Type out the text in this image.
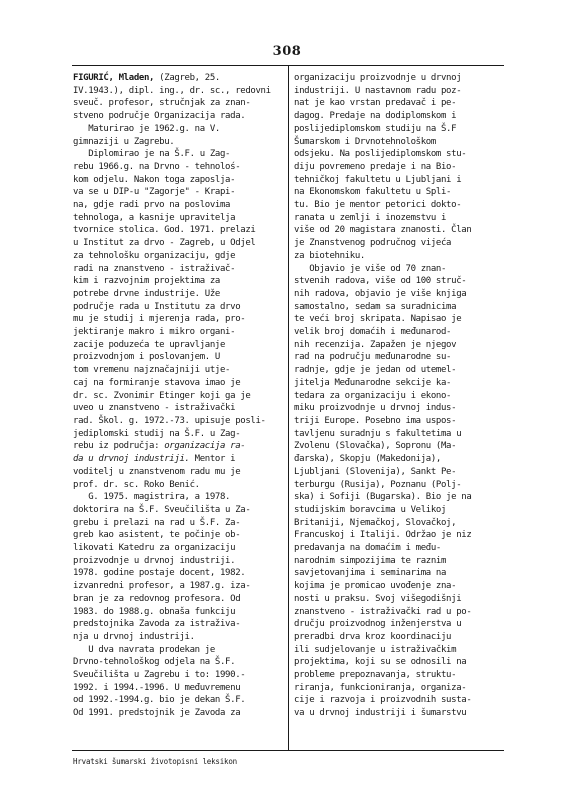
308
FIGURIĆ, Mladen, (Zagreb, 25.
IV.1943.), dipl. ing., dr. sc., redovni
sveuč. profesor, stručnjak za znan-
stveno područje Organizacija rada.
Maturirao je 1962.g. na V.
gimnaziji u Zagrebu.
Diplomirao je na Š.F. u Zag-
rebu 1966.g. na Drvno - tehnoloś-
kom odjelu. Nakon toga zaposlja-
va se u DIP-u "Zagorje" - Krapi-
na, gdje radi prvo na poslovima
tehnologa, a kasnije upravitelja
tvornice stolica. God. 1971. prelazi
u Institut za drvo - Zagreb, u Odjel
za tehnološku organizaciju, gdje
radi na znanstveno - istraživač-
kim i razvojnim projektima za
potrebe drvne industrije. Uže
područje rada u Institutu za drvo
mu je studij i mjerenja rada, pro-
jektiranje makro i mikro organi-
zacije poduzeća te upravljanje
proizvodnjom i poslovanjem. U
tom vremenu najznačajniji utje-
caj na formiranje stavova imao je
dr. sc. Zvonimir Etinger koji ga je
uveo u znanstveno - istraživački
rad. Škol. g. 1972.-73. upisuje posli-
jediplomski studij na Š.F. u Zag-
rebu iz područja: organizacija ra-
da u drvnoj industriji. Mentor i
voditelj u znanstvenom radu mu je
prof. dr. sc. Roko Benić.
G. 1975. magistrira, a 1978.
doktorira na Š.F. Sveučilišta u Za-
grebu i prelazi na rad u Š.F. Za-
greb kao asistent, te počinje ob-
likovati Katedru za organizaciju
proizvodnje u drvnoj industriji.
1978. godine postaje docent, 1982.
izvanredni profesor, a 1987.g. iza-
bran je za redovnog profesora. Od
1983. do 1988.g. obnaša funkciju
predstojnika Zavoda za istraživa-
nja u drvnoj industriji.
U dva navrata prodekan je
Drvno-tehnološkog odjela na Š.F.
Sveučilišta u Zagrebu i to: 1990.-
1992. i 1994.-1996. U međuvremenu
od 1992.-1994.g. bio je dekan Š.F.
Od 1991. predstojnik je Zavoda za
organizaciju proizvodnje u drvnoj
industriji. U nastavnom radu poz-
nat je kao vrstan predavač i pe-
dagog. Predaje na dodiplomskom i
poslijediplomskom studiju na Š.F
Šumarskom i Drvnotehnološkom
odsjeku. Na poslijediplomskom stu-
diju povremeno predaje i na Bio-
tehničkoj fakultetu u Ljubljani i
na Ekonomskom fakultetu u Spli-
tu. Bio je mentor petorici dokto-
ranata u zemlji i inozemstvu i
više od 20 magistara znanosti. Član
je Znanstvenog područnog vijeća
za biotehniku.
Objavio je više od 70 znan-
stvenih radova, više od 100 struč-
nih radova, objavio je više knjiga
samostalno, sedam sa suradnicima
te veći broj skripata. Napisao je
velik broj domaćih i međunarod-
nih recenzija. Zapažen je njegov
rad na području međunarodne su-
radnje, gdje je jedan od utemel-
jitelja Međunarodne sekcije ka-
tedara za organizaciju i ekono-
miku proizvodnje u drvnoj indus-
triji Europe. Posebno ima uspos-
tavljenu suradnju s fakultetima u
Zvolenu (Slovačka), Sopronu (Ma-
đarska), Skopju (Makedonija),
Ljubljani (Slovenija), Sankt Pe-
terburgu (Rusija), Poznanu (Polj-
ska) i Sofiji (Bugarska). Bio je na
studijskim boravcima u Velikoj
Britaniji, Njemačkoj, Slovačkoj,
Francuskoj i Italiji. Održao je niz
predavanja na domaćim i među-
narodnim simpozijima te raznim
savjetovanjima i seminarima na
kojima je promicao uvođenje zna-
nosti u praksu. Svoj višegodišnji
znanstveno - istraživački rad u po-
dručju proizvodnog inženjerstva u
preradbi drva kroz koordinaciju
ili sudjelovanje u istraživačkim
projektima, koji su se odnosili na
probleme prepoznavanja, struktu-
riranja, funkcioniranja, organiza-
cije i razvoja i proizvodnih susta-
va u drvnoj industriji i šumarstvu
Hrvatski šumarski životopisni leksikon
